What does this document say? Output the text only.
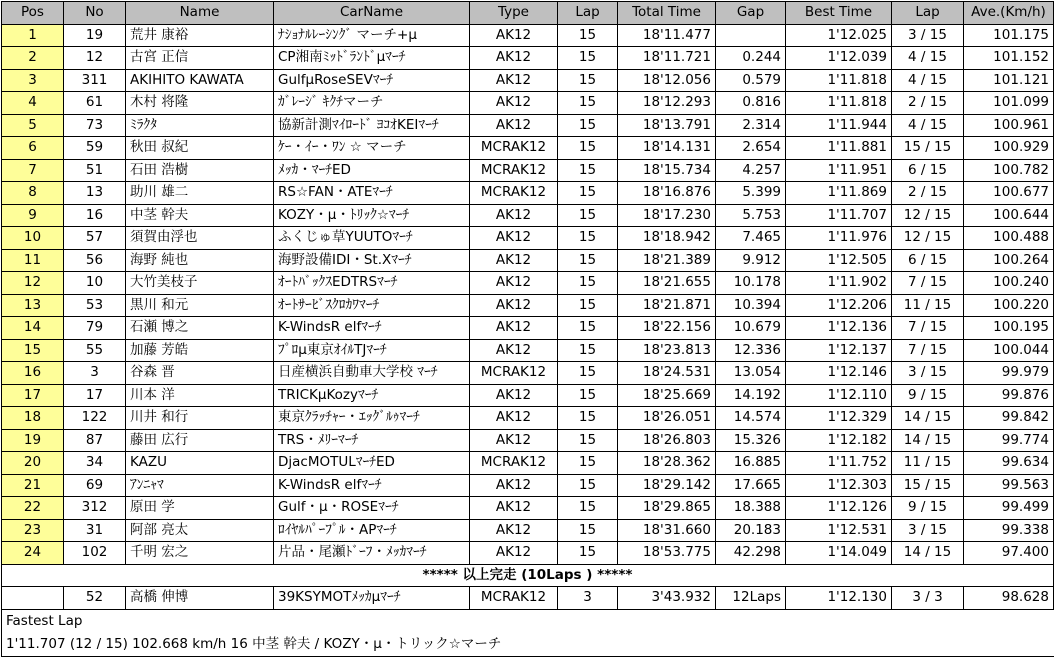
Pos	No	Name	CarName	Type	Lap	Total Time	Gap	Best Time	Lap	Ave.(Km/h)
1	19	荒井 康裕	ﾅｼｮﾅﾙﾚｰｼﾝｸﾞ マーチ+μ	AK12	15	18'11.477		1'12.025	3 / 15	101.175
2	12	古宮 正信	CP湘南ﾐｯﾄﾞﾗﾝﾄﾞμﾏｰﾁ	AK12	15	18'11.721	0.244	1'12.039	4 / 15	101.152
3	311	AKIHITO KAWATA	GulfμRoseSEVﾏｰﾁ	AK12	15	18'12.056	0.579	1'11.818	4 / 15	101.121
4	61	木村 将隆	ｶﾞﾚｰｼﾞ ｷｸﾁマーチ	AK12	15	18'12.293	0.816	1'11.818	2 / 15	101.099
5	73	ﾐﾗｸﾀ	協新計測ﾏｲﾛｰﾄﾞ ﾖｺｵKEIﾏｰﾁ	AK12	15	18'13.791	2.314	1'11.944	4 / 15	100.961
6	59	秋田 叔紀	ｹｰ・ｲｰ・ﾜﾝ ☆ マーチ	MCRAK12	15	18'14.131	2.654	1'11.881	15 / 15	100.929
7	51	石田 浩樹	ﾒｯｶ・ﾏｰﾁED	MCRAK12	15	18'15.734	4.257	1'11.951	6 / 15	100.782
8	13	助川 雄二	RS☆FAN・ATEﾏｰﾁ	MCRAK12	15	18'16.876	5.399	1'11.869	2 / 15	100.677
9	16	中茎 幹夫	KOZY・μ・ﾄﾘｯｸ☆ﾏｰﾁ	AK12	15	18'17.230	5.753	1'11.707	12 / 15	100.644
10	57	須賀由浮也	ふくじゅ草YUUTOﾏｰﾁ	AK12	15	18'18.942	7.465	1'11.976	12 / 15	100.488
11	56	海野 純也	海野設備IDI・St.Xﾏｰﾁ	AK12	15	18'21.389	9.912	1'12.505	6 / 15	100.264
12	10	大竹美枝子	ｵｰﾄﾊﾞｯｸｽEDTRSﾏｰﾁ	AK12	15	18'21.655	10.178	1'11.902	7 / 15	100.240
13	53	黒川 和元	ｵｰﾄｻｰﾋﾞｽｸﾛｶﾜﾏｰﾁ	AK12	15	18'21.871	10.394	1'12.206	11 / 15	100.220
14	79	石瀬 博之	K-WindsR elfﾏｰﾁ	AK12	15	18'22.156	10.679	1'12.136	7 / 15	100.195
15	55	加藤 芳皓	ﾌﾟﾛμ東京ｵｲﾙTJﾏｰﾁ	AK12	15	18'23.813	12.336	1'12.137	7 / 15	100.044
16	3	谷森 晋	日産横浜自動車大学校 ﾏｰﾁ	MCRAK12	15	18'24.531	13.054	1'12.146	3 / 15	99.979
17	17	川本 洋	TRICKμKozyﾏｰﾁ	AK12	15	18'25.669	14.192	1'12.110	9 / 15	99.876
18	122	川井 和行	東京ｸﾗｯﾁｬｰ・ｴｯｸﾞﾙｩﾏｰﾁ	AK12	15	18'26.051	14.574	1'12.329	14 / 15	99.842
19	87	藤田 広行	TRS・ﾒﾘｰﾏｰﾁ	AK12	15	18'26.803	15.326	1'12.182	14 / 15	99.774
20	34	KAZU	DjacMOTULﾏｰﾁED	MCRAK12	15	18'28.362	16.885	1'11.752	11 / 15	99.634
21	69	ｱﾝﾆｬﾏ	K-WindsR elfﾏｰﾁ	AK12	15	18'29.142	17.665	1'12.303	15 / 15	99.563
22	312	原田 学	Gulf・μ・ROSEﾏｰﾁ	AK12	15	18'29.865	18.388	1'12.126	9 / 15	99.499
23	31	阿部 亮太	ﾛｲﾔﾙﾊﾟｰﾌﾟﾙ・APﾏｰﾁ	AK12	15	18'31.660	20.183	1'12.531	3 / 15	99.338
24	102	千明 宏之	片品・尾瀬ﾄﾞｰﾌ・ﾒｯｶﾏｰﾁ	AK12	15	18'53.775	42.298	1'14.049	14 / 15	97.400
***** 以上完走 (10Laps ) *****										
	52	高橋 伸博	39KSYMOTﾒｯｶμﾏｰﾁ	MCRAK12	3	3'43.932	12Laps	1'12.130	3 / 3	98.628
Fastest Lap
1'11.707 (12 / 15) 102.668 km/h 16 中茎 幹夫 / KOZY・μ・トリック☆マーチ
